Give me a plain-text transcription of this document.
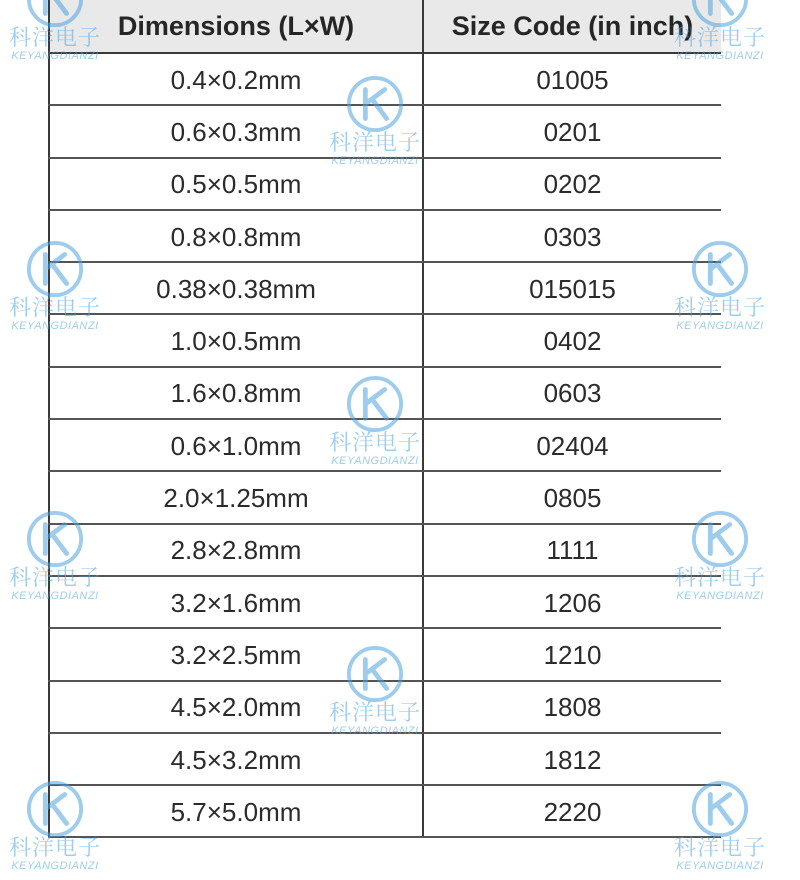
Dimensions (L×W)	Size Code (in inch)
0.4×0.2mm	01005
0.6×0.3mm	0201
0.5×0.5mm	0202
0.8×0.8mm	0303
0.38×0.38mm	015015
1.0×0.5mm	0402
1.6×0.8mm	0603
0.6×1.0mm	02404
2.0×1.25mm	0805
2.8×2.8mm	1111
3.2×1.6mm	1206
3.2×2.5mm	1210
4.5×2.0mm	1808
4.5×3.2mm	1812
5.7×5.0mm	2220
科洋电子
KEYANGDIANZI
科洋电子
KEYANGDIANZI
科洋电子
KEYANGDIANZI
科洋电子
KEYANGDIANZI
科洋电子
KEYANGDIANZI
科洋电子
KEYANGDIANZI
科洋电子
KEYANGDIANZI
科洋电子
KEYANGDIANZI
科洋电子
KEYANGDIANZI
科洋电子
KEYANGDIANZI
科洋电子
KEYANGDIANZI
